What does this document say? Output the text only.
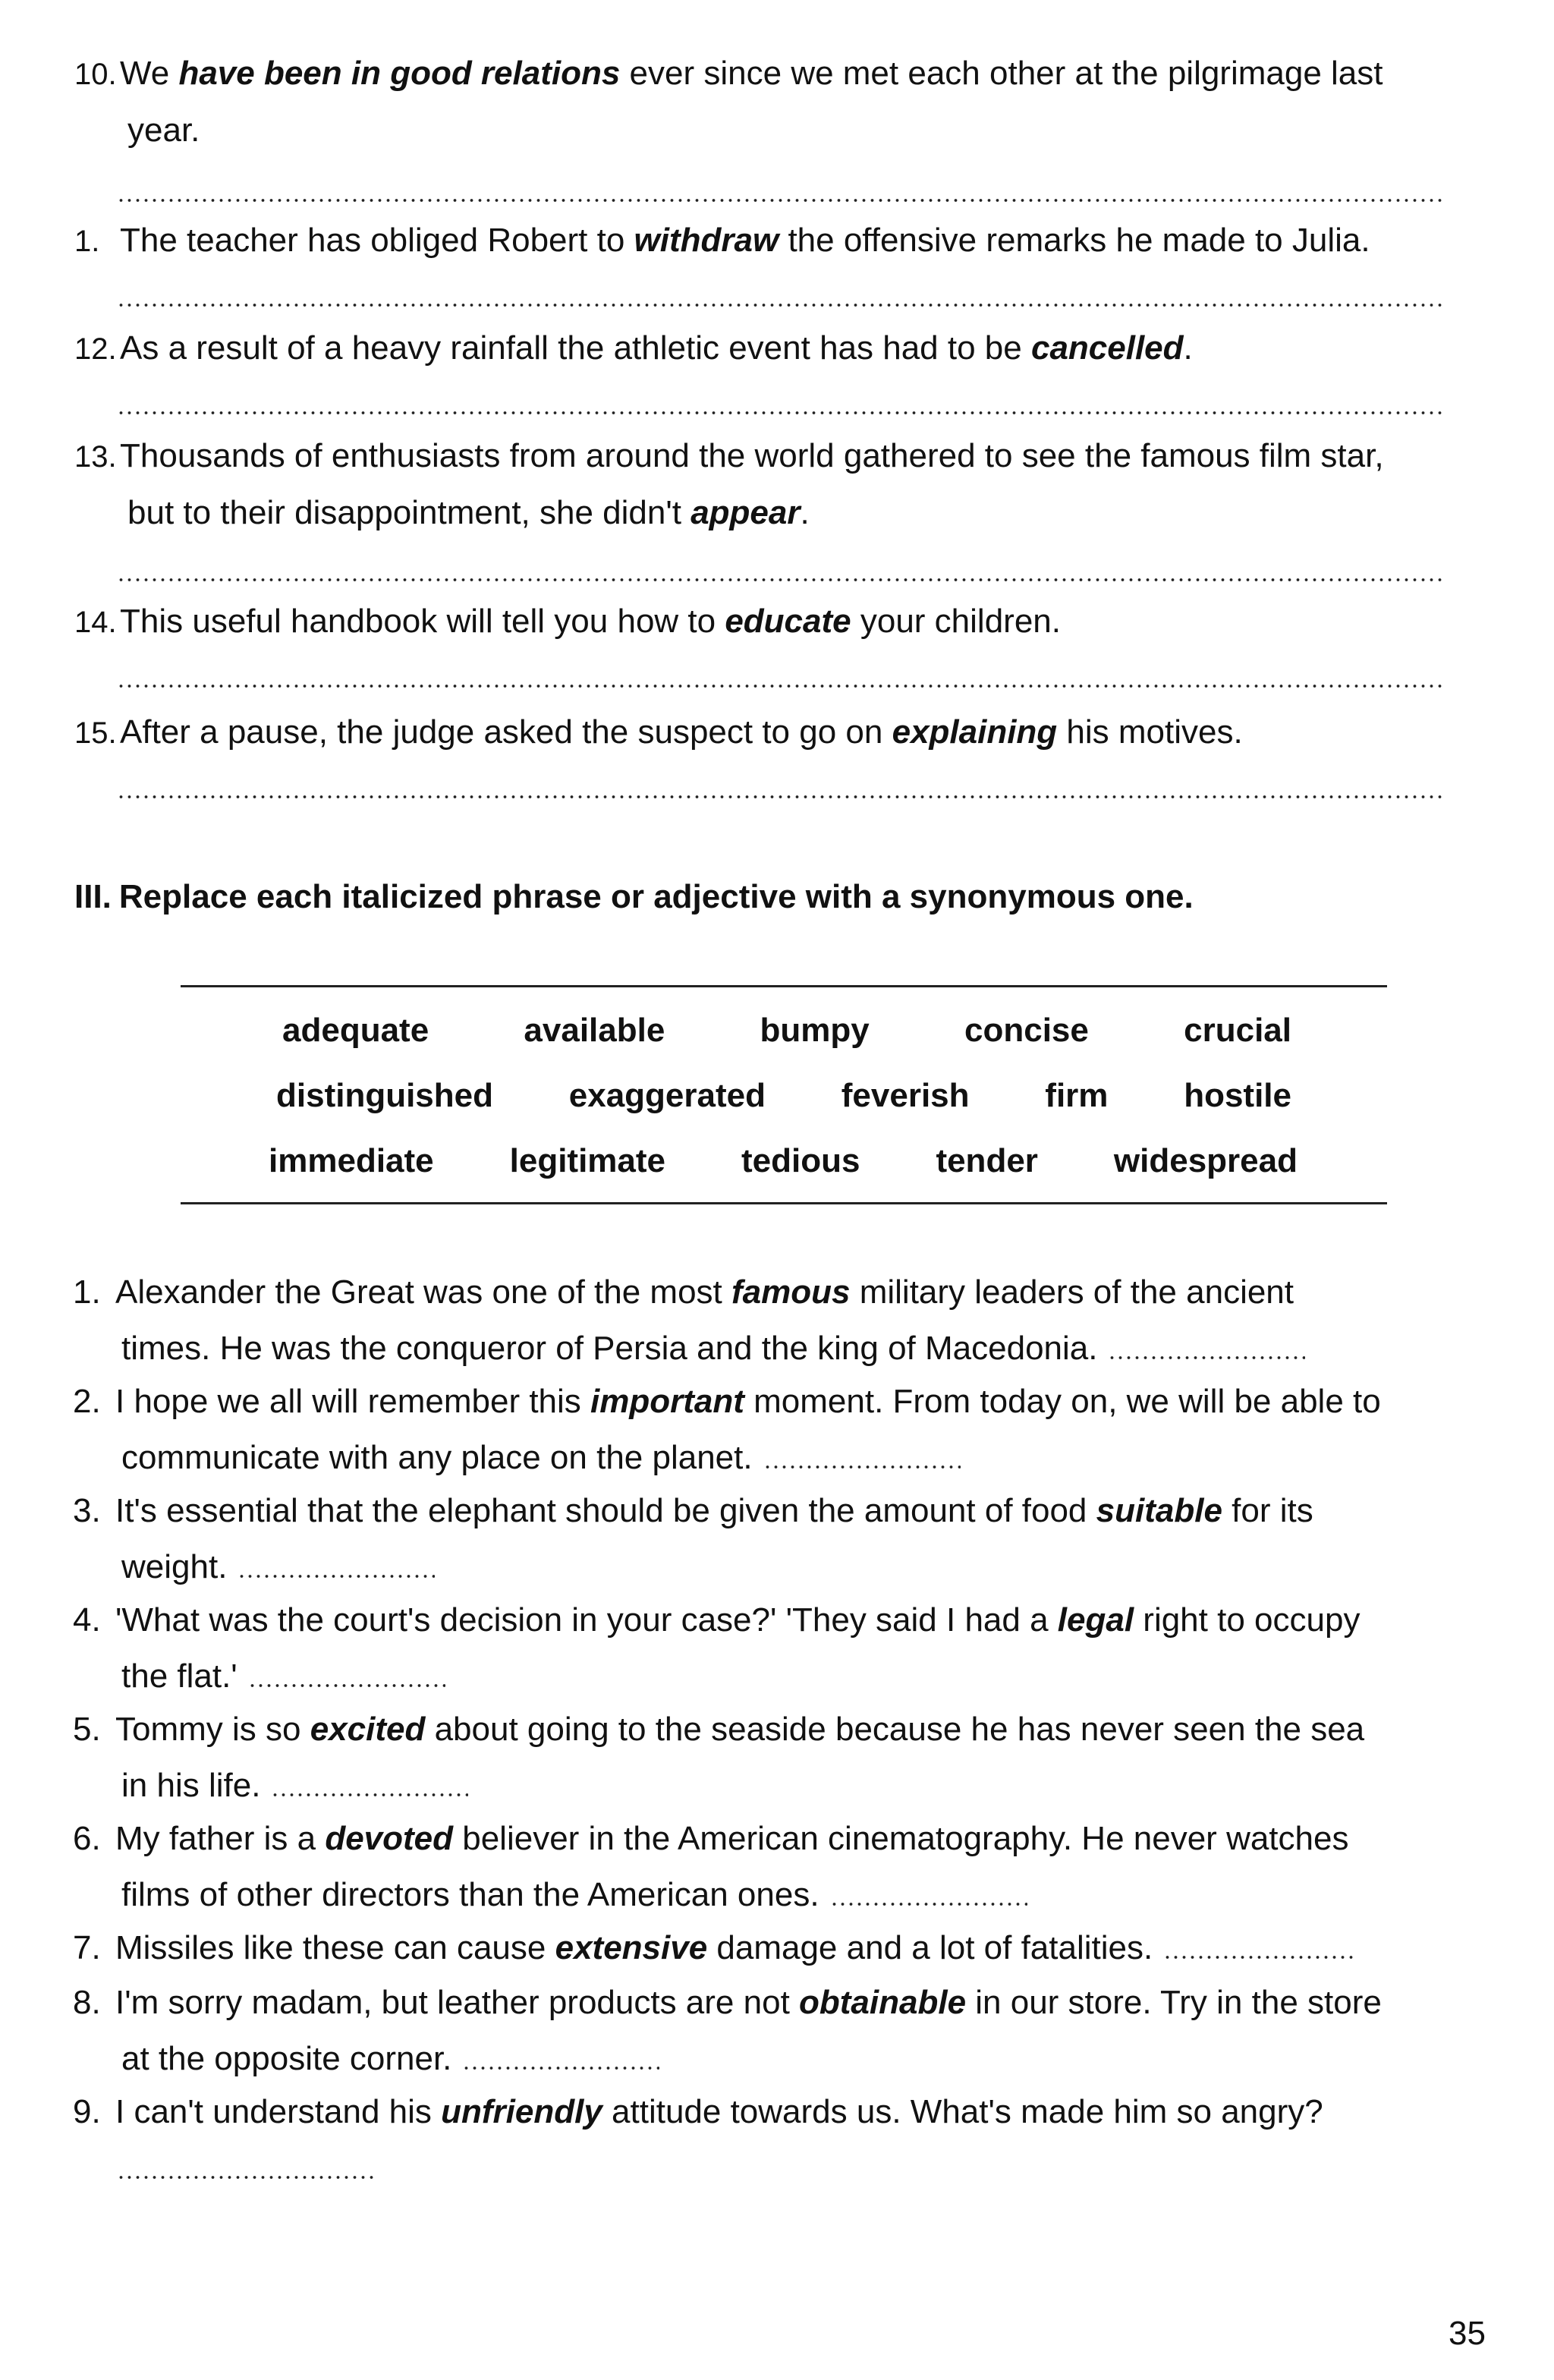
10.We have been in good relations ever since we met each other at the pilgrimage last
year.
1. The teacher has obliged Robert to withdraw the offensive remarks he made to Julia.
12.As a result of a heavy rainfall the athletic event has had to be cancelled.
13.Thousands of enthusiasts from around the world gathered to see the famous film star,
but to their disappointment, she didn't appear.
14.This useful handbook will tell you how to educate your children.
15.After a pause, the judge asked the suspect to go on explaining his motives.
III. Replace each italicized phrase or adjective with a synonymous one.
adequate	available	bumpy	concise	crucial
distinguished exaggerated feverish firm hostile
immediate legitimate tedious tender widespread
1. Alexander the Great was one of the most famous military leaders of the ancient
times. He was the conqueror of Persia and the king of Macedonia.
2. I hope we all will remember this important moment. From today on, we will be able to
communicate with any place on the planet.
3. It's essential that the elephant should be given the amount of food suitable for its
weight.
4. 'What was the court's decision in your case?' 'They said I had a legal right to occupy
the flat.'
5. Tommy is so excited about going to the seaside because he has never seen the sea
in his life.
6. My father is a devoted believer in the American cinematography. He never watches
films of other directors than the American ones.
7. Missiles like these can cause extensive damage and a lot of fatalities.
8. I'm sorry madam, but leather products are not obtainable in our store. Try in the store
at the opposite corner.
9. I can't understand his unfriendly attitude towards us. What's made him so angry?
35
